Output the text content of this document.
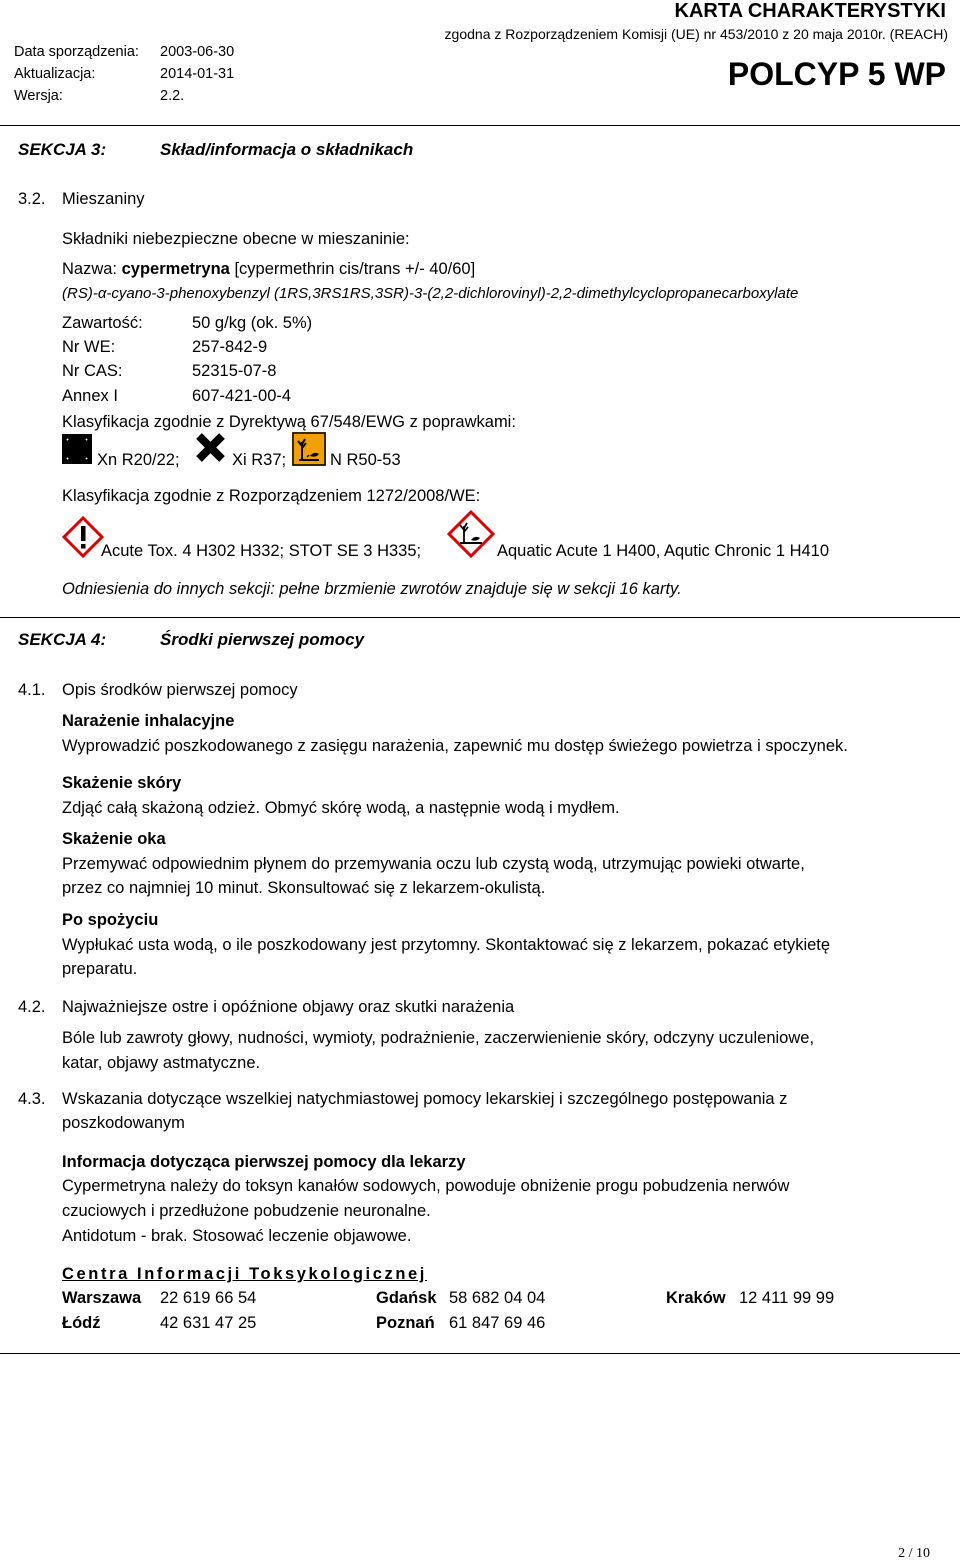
Data sporządzenia: 2003-06-30
Aktualizacja:	2014-01-31
Wersja:	2.2.
KARTA CHARAKTERYSTYKI
zgodna z Rozporządzeniem Komisji (UE) nr 453/2010 z 20 maja 2010r. (REACH)
POLCYP 5 WP
SEKCJA 3:	Skład/informacja o składnikach
3.2. Mieszaniny
Składniki niebezpieczne obecne w mieszaninie:
Nazwa: cypermetryna [cypermethrin cis/trans +/- 40/60]
(RS)-α-cyano-3-phenoxybenzyl (1RS,3RS1RS,3SR)-3-(2,2-dichlorovinyl)-2,2-dimethylcyclopropanecarboxylate
Zawartość:	50 g/kg (ok. 5%)
Nr WE:	257-842-9
Nr CAS:	52315-07-8
Annex I	607-421-00-4
Klasyfikacja zgodnie z Dyrektywą 67/548/EWG z poprawkami:
Xn R20/22;	Xi R37;	N R50-53
Klasyfikacja zgodnie z Rozporządzeniem 1272/2008/WE:
Acute Tox. 4 H302 H332; STOT SE 3 H335;	Aquatic Acute 1 H400, Aqutic Chronic 1 H410
Odniesienia do innych sekcji: pełne brzmienie zwrotów znajduje się w sekcji 16 karty.
SEKCJA 4:	Środki pierwszej pomocy
4.1. Opis środków pierwszej pomocy
Narażenie inhalacyjne
Wyprowadzić poszkodowanego z zasięgu narażenia, zapewnić mu dostęp świeżego powietrza i spoczynek.
Skażenie skóry
Zdjąć całą skażoną odzież. Obmyć skórę wodą, a następnie wodą i mydłem.
Skażenie oka
Przemywać odpowiednim płynem do przemywania oczu lub czystą wodą, utrzymując powieki otwarte,
przez co najmniej 10 minut. Skonsultować się z lekarzem-okulistą.
Po spożyciu
Wypłukać usta wodą, o ile poszkodowany jest przytomny. Skontaktować się z lekarzem, pokazać etykietę
preparatu.
4.2. Najważniejsze ostre i opóźnione objawy oraz skutki narażenia
Bóle lub zawroty głowy, nudności, wymioty, podrażnienie, zaczerwienienie skóry, odczyny uczuleniowe,
katar, objawy astmatyczne.
4.3. Wskazania dotyczące wszelkiej natychmiastowej pomocy lekarskiej i szczególnego postępowania z
poszkodowanym
Informacja dotycząca pierwszej pomocy dla lekarzy
Cypermetryna należy do toksyn kanałów sodowych, powoduje obniżenie progu pobudzenia nerwów
czuciowych i przedłużone pobudzenie neuronalne.
Antidotum - brak. Stosować leczenie objawowe.
Centra Informacji Toksykologicznej
Warszawa 22 619 66 54	Gdańsk 58 682 04 04	Kraków 12 411 99 99
Łódź	42 631 47 25	Poznań 61 847 69 46
2 / 10
